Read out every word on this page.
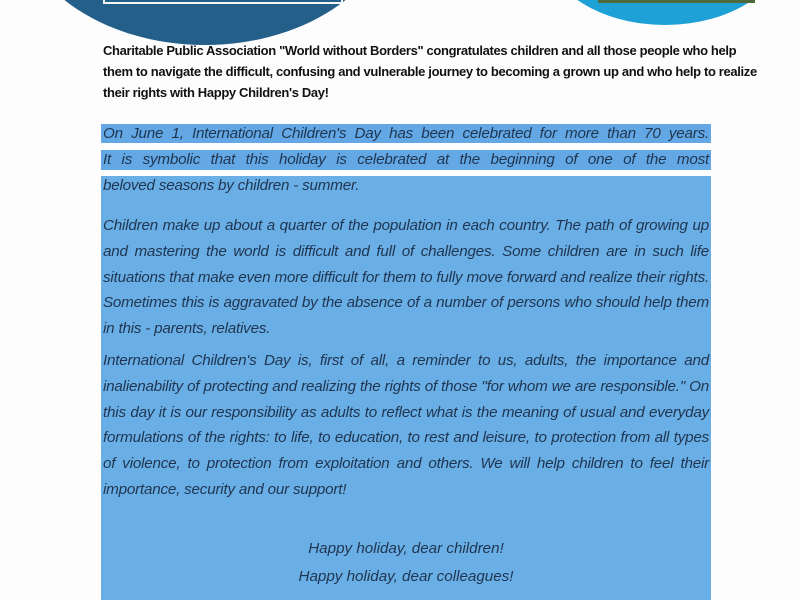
Charitable Public Association "World without Borders" congratulates children and all those people who help them to navigate the difficult, confusing and vulnerable journey to becoming a grown up and who help to realize their rights with Happy Children's Day!

On June 1, International Children's Day has been celebrated for more than 70 years.

It is symbolic that this holiday is celebrated at the beginning of one of the most

beloved seasons by children - summer.

Children make up about a quarter of the population in each country. The path of growing up and mastering the world is difficult and full of challenges. Some children are in such life situations that make even more difficult for them to fully move forward and realize their rights. Sometimes this is aggravated by the absence of a number of persons who should help them in this - parents, relatives.

International Children's Day is, first of all, a reminder to us, adults, the importance and inalienability of protecting and realizing the rights of those "for whom we are responsible." On this day it is our responsibility as adults to reflect what is the meaning of usual and everyday formulations of the rights: to life, to education, to rest and leisure, to protection from all types of violence, to protection from exploitation and others. We will help children to feel their importance, security and our support!

Happy holiday, dear children!
Happy holiday, dear colleagues!
